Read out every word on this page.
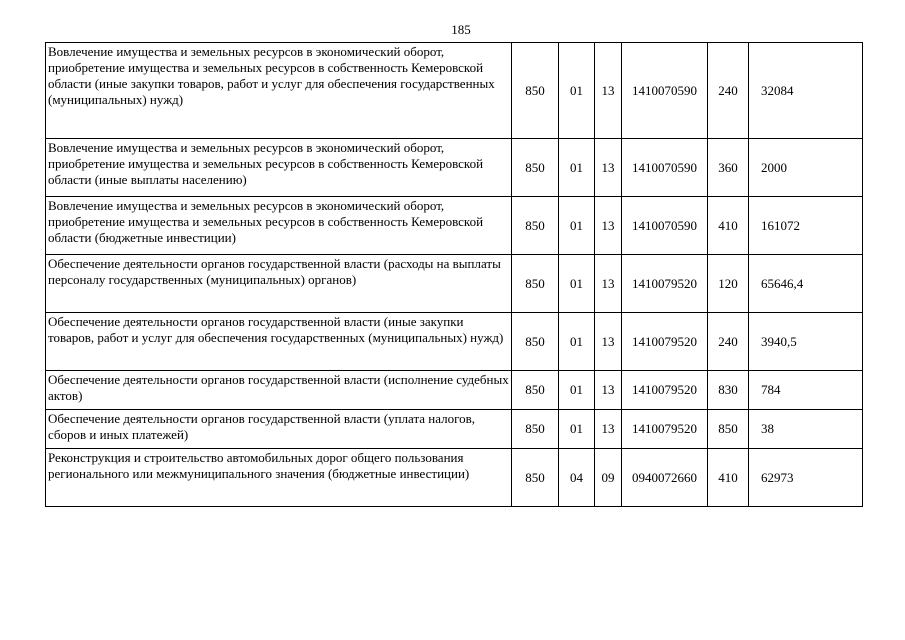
185
Вовлечение имущества и земельных ресурсов в экономический оборот, приобретение имущества и земельных ресурсов в собственность Кемеровской области (иные закупки товаров, работ и услуг для обеспечения государственных (муниципальных) нужд)	850	01	13	1410070590	240	32084
Вовлечение имущества и земельных ресурсов в экономический оборот, приобретение имущества и земельных ресурсов в собственность Кемеровской области (иные выплаты населению)	850	01	13	1410070590	360	2000
Вовлечение имущества и земельных ресурсов в экономический оборот, приобретение имущества и земельных ресурсов в собственность Кемеровской области (бюджетные инвестиции)	850	01	13	1410070590	410	161072
Обеспечение деятельности органов государственной власти (расходы на выплаты персоналу государственных (муниципальных) органов)	850	01	13	1410079520	120	65646,4
Обеспечение деятельности органов государственной власти (иные закупки товаров, работ и услуг для обеспечения государственных (муниципальных) нужд)	850	01	13	1410079520	240	3940,5
Обеспечение деятельности органов государственной власти (исполнение судебных актов)	850	01	13	1410079520	830	784
Обеспечение деятельности органов государственной власти (уплата налогов, сборов и иных платежей)	850	01	13	1410079520	850	38
Реконструкция и строительство автомобильных дорог общего пользования регионального или межмуниципального значения (бюджетные инвестиции)	850	04	09	0940072660	410	62973
